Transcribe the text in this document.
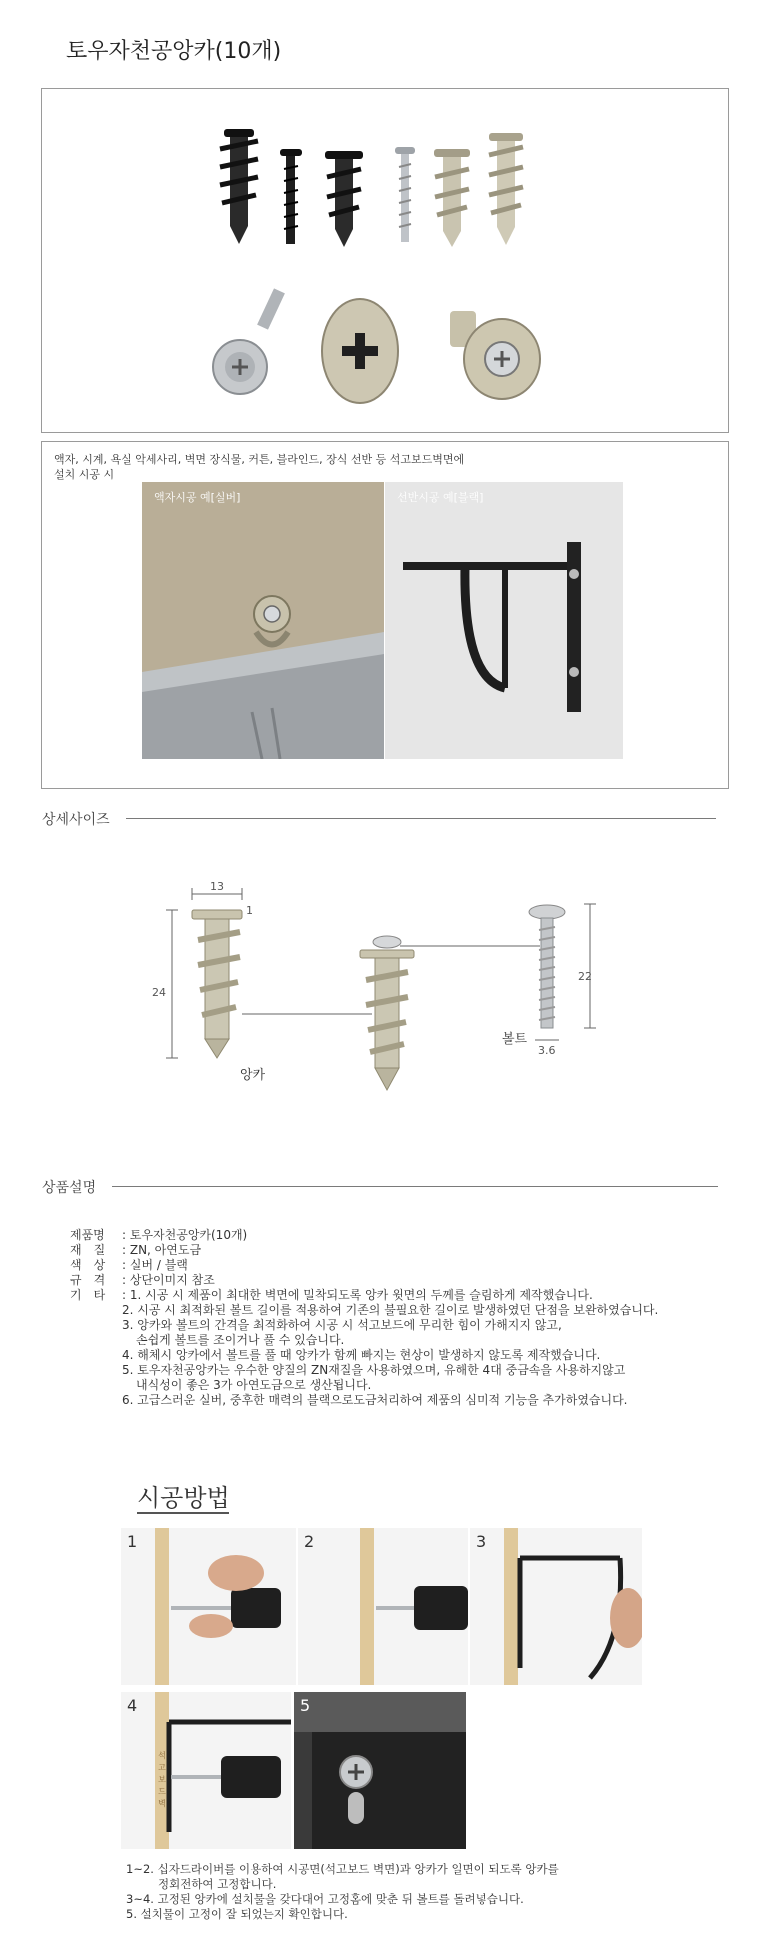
토우자천공앙카(10개)
액자, 시계, 욕실 악세사리, 벽면 장식물, 커튼, 블라인드, 장식 선반 등 석고보드벽면에
설치 시공 시
액자시공 예[실버]	선반시공 예[블랙]
상세사이즈
13
1
24
22
3.6
앙카
볼트
상품설명
제품명 : 토우자천공앙카(10개)
재　질 : ZN, 아연도금
색　상 : 실버 / 블랙
규　격 : 상단이미지 참조
기　타 : 1. 시공 시 제품이 최대한 벽면에 밀착되도록 앙카 윗면의 두께를 슬림하게 제작했습니다.
2. 시공 시 최적화된 볼트 길이를 적용하여 기존의 불필요한 길이로 발생하였던 단점을 보완하였습니다.
3. 앙카와 볼트의 간격을 최적화하여 시공 시 석고보드에 무리한 힘이 가해지지 않고,
손쉽게 볼트를 조이거나 풀 수 있습니다.
4. 해체시 앙카에서 볼트를 풀 때 앙카가 함께 빠지는 현상이 발생하지 않도록 제작했습니다.
5. 토우자천공앙카는 우수한 양질의 ZN재질을 사용하였으며, 유해한 4대 중금속을 사용하지않고
내식성이 좋은 3가 아연도금으로 생산됩니다.
6. 고급스러운 실버, 중후한 매력의 블랙으로도금처리하여 제품의 심미적 기능을 추가하였습니다.
시공방법
1	2	3
4
석고보드벽
5
1~2. 십자드라이버를 이용하여 시공면(석고보드 벽면)과 앙카가 일면이 되도록 앙카를
정회전하여 고정합니다.
3~4. 고정된 앙카에 설치물을 갖다대어 고정홈에 맞춘 뒤 볼트를 돌려넣습니다.
5. 설치물이 고정이 잘 되었는지 확인합니다.
